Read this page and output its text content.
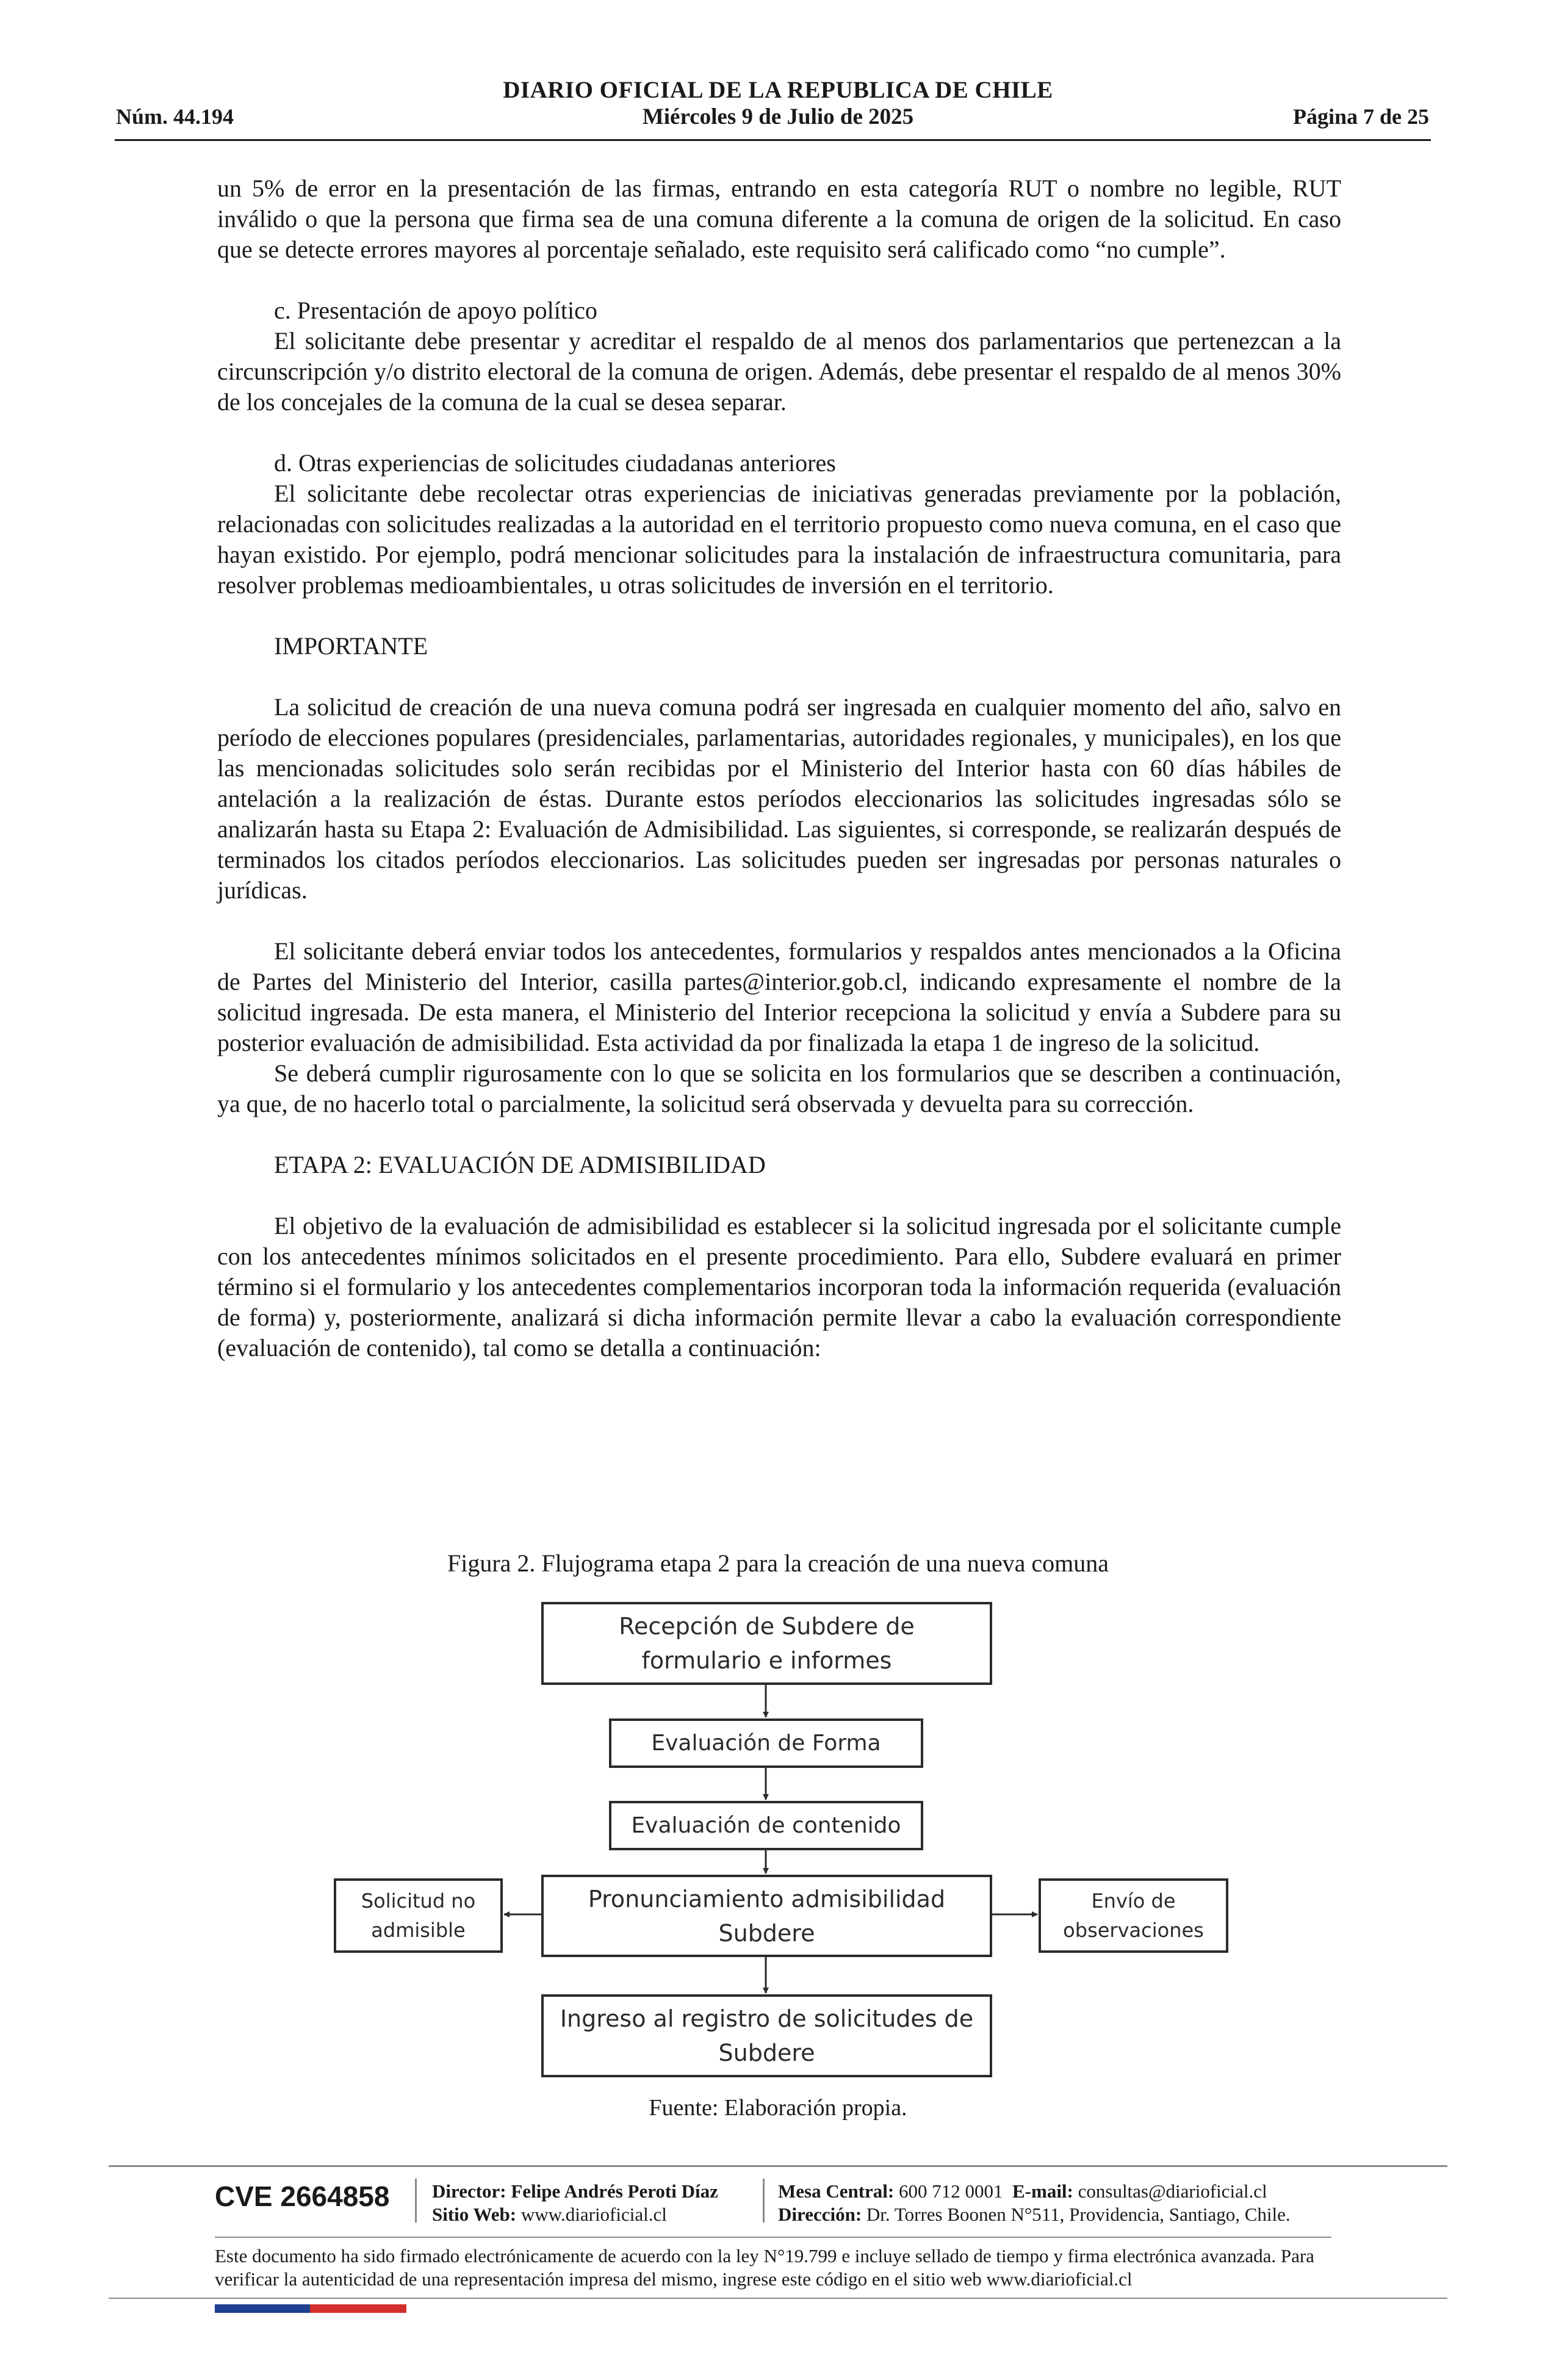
DIARIO OFICIAL DE LA REPUBLICA DE CHILE
Núm. 44.194	Miércoles 9 de Julio de 2025	Página 7 de 25

un 5% de error en la presentación de las firmas, entrando en esta categoría RUT o nombre no legible, RUT inválido o que la persona que firma sea de una comuna diferente a la comuna de origen de la solicitud. En caso que se detecte errores mayores al porcentaje señalado, este requisito será calificado como “no cumple”.

c. Presentación de apoyo político

El solicitante debe presentar y acreditar el respaldo de al menos dos parlamentarios que pertenezcan a la circunscripción y/o distrito electoral de la comuna de origen. Además, debe presentar el respaldo de al menos 30% de los concejales de la comuna de la cual se desea separar.

d. Otras experiencias de solicitudes ciudadanas anteriores

El solicitante debe recolectar otras experiencias de iniciativas generadas previamente por la población, relacionadas con solicitudes realizadas a la autoridad en el territorio propuesto como nueva comuna, en el caso que hayan existido. Por ejemplo, podrá mencionar solicitudes para la instalación de infraestructura comunitaria, para resolver problemas medioambientales, u otras solicitudes de inversión en el territorio.

IMPORTANTE

La solicitud de creación de una nueva comuna podrá ser ingresada en cualquier momento del año, salvo en período de elecciones populares (presidenciales, parlamentarias, autoridades regionales, y municipales), en los que las mencionadas solicitudes solo serán recibidas por el Ministerio del Interior hasta con 60 días hábiles de antelación a la realización de éstas. Durante estos períodos eleccionarios las solicitudes ingresadas sólo se analizarán hasta su Etapa 2: Evaluación de Admisibilidad. Las siguientes, si corresponde, se realizarán después de terminados los citados períodos eleccionarios. Las solicitudes pueden ser ingresadas por personas naturales o jurídicas.

El solicitante deberá enviar todos los antecedentes, formularios y respaldos antes mencionados a la Oficina de Partes del Ministerio del Interior, casilla partes@interior.gob.cl, indicando expresamente el nombre de la solicitud ingresada. De esta manera, el Ministerio del Interior recepciona la solicitud y envía a Subdere para su posterior evaluación de admisibilidad. Esta actividad da por finalizada la etapa 1 de ingreso de la solicitud.

Se deberá cumplir rigurosamente con lo que se solicita en los formularios que se describen a continuación, ya que, de no hacerlo total o parcialmente, la solicitud será observada y devuelta para su corrección.

ETAPA 2: EVALUACIÓN DE ADMISIBILIDAD

El objetivo de la evaluación de admisibilidad es establecer si la solicitud ingresada por el solicitante cumple con los antecedentes mínimos solicitados en el presente procedimiento. Para ello, Subdere evaluará en primer término si el formulario y los antecedentes complementarios incorporan toda la información requerida (evaluación de forma) y, posteriormente, analizará si dicha información permite llevar a cabo la evaluación correspondiente (evaluación de contenido), tal como se detalla a continuación:

Figura 2. Flujograma etapa 2 para la creación de una nueva comuna
Recepción de Subdere de
formulario e informes
Evaluación de Forma
Evaluación de contenido
Pronunciamiento admisibilidad
Subdere
Solicitud no
admisible
Envío de
observaciones
Ingreso al registro de solicitudes de
Subdere
Fuente: Elaboración propia.
CVE 2664858 Director: Felipe Andrés Peroti Díaz
Sitio Web: www.diarioficial.cl
Mesa Central: 600 712 0001 E-mail: consultas@diarioficial.cl
Dirección: Dr. Torres Boonen N°511, Providencia, Santiago, Chile.
Este documento ha sido firmado electrónicamente de acuerdo con la ley N°19.799 e incluye sellado de tiempo y firma electrónica avanzada. Para verificar la autenticidad de una representación impresa del mismo, ingrese este código en el sitio web www.diarioficial.cl
